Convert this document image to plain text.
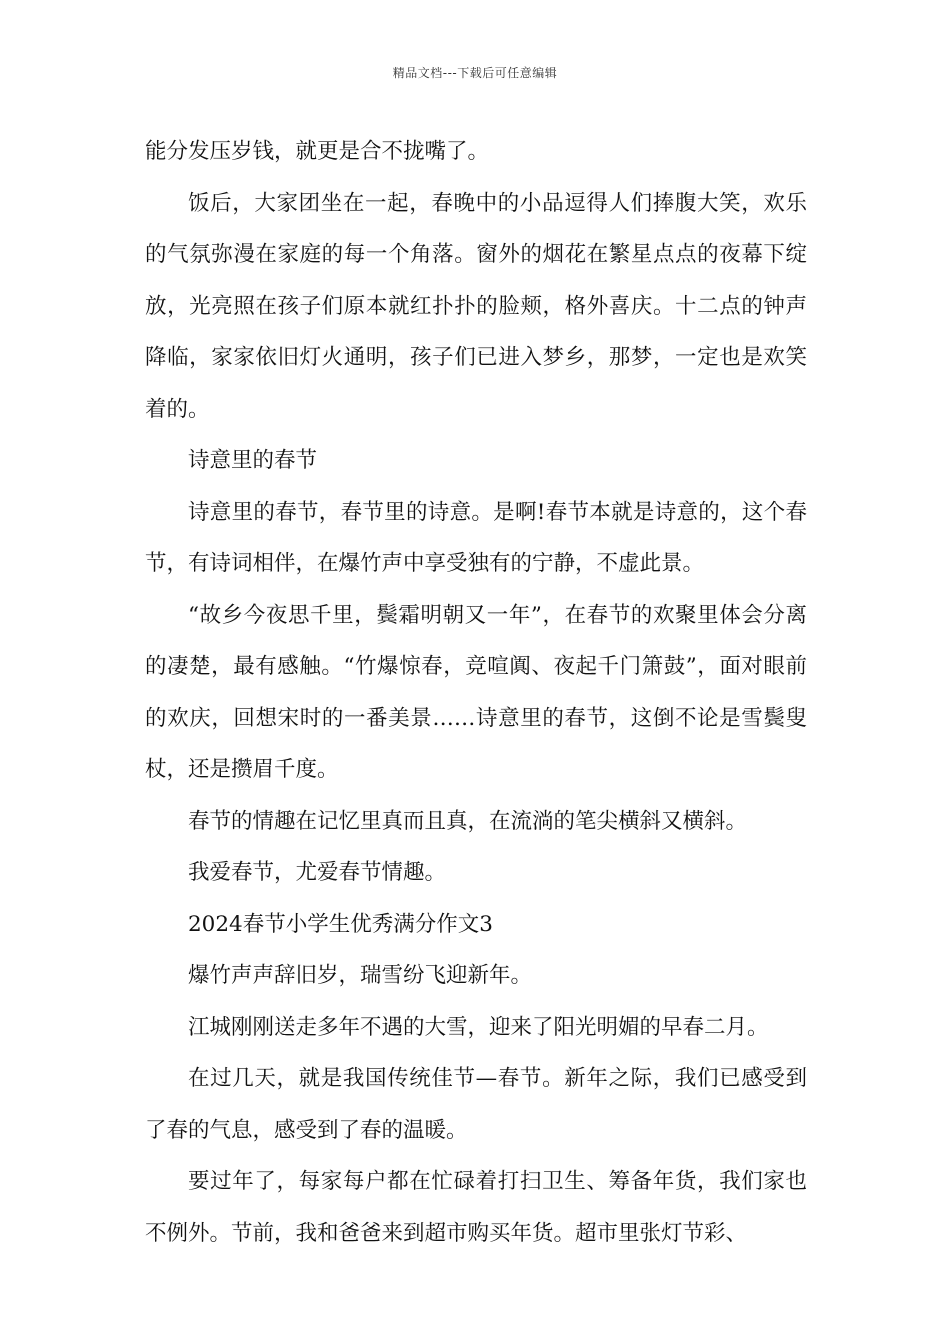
精品文档---下载后可任意编辑

能分发压岁钱，就更是合不拢嘴了。

饭后，大家团坐在一起，春晚中的小品逗得人们捧腹大笑，欢乐的气氛弥漫在家庭的每一个角落。窗外的烟花在繁星点点的夜幕下绽放，光亮照在孩子们原本就红扑扑的脸颊，格外喜庆。十二点的钟声降临，家家依旧灯火通明，孩子们已进入梦乡，那梦，一定也是欢笑着的。

诗意里的春节

诗意里的春节，春节里的诗意。是啊!春节本就是诗意的，这个春节，有诗词相伴，在爆竹声中享受独有的宁静，不虚此景。

“故乡今夜思千里，鬓霜明朝又一年”，在春节的欢聚里体会分离的凄楚，最有感触。“竹爆惊春，竞喧阗、夜起千门箫鼓”，面对眼前的欢庆，回想宋时的一番美景……诗意里的春节，这倒不论是雪鬓叟杖，还是攒眉千度。

春节的情趣在记忆里真而且真，在流淌的笔尖横斜又横斜。

我爱春节，尤爱春节情趣。

2024春节小学生优秀满分作文3

爆竹声声辞旧岁，瑞雪纷飞迎新年。

江城刚刚送走多年不遇的大雪，迎来了阳光明媚的早春二月。

在过几天，就是我国传统佳节—春节。新年之际，我们已感受到了春的气息，感受到了春的温暖。

要过年了，每家每户都在忙碌着打扫卫生、筹备年货，我们家也不例外。节前，我和爸爸来到超市购买年货。超市里张灯节彩、
